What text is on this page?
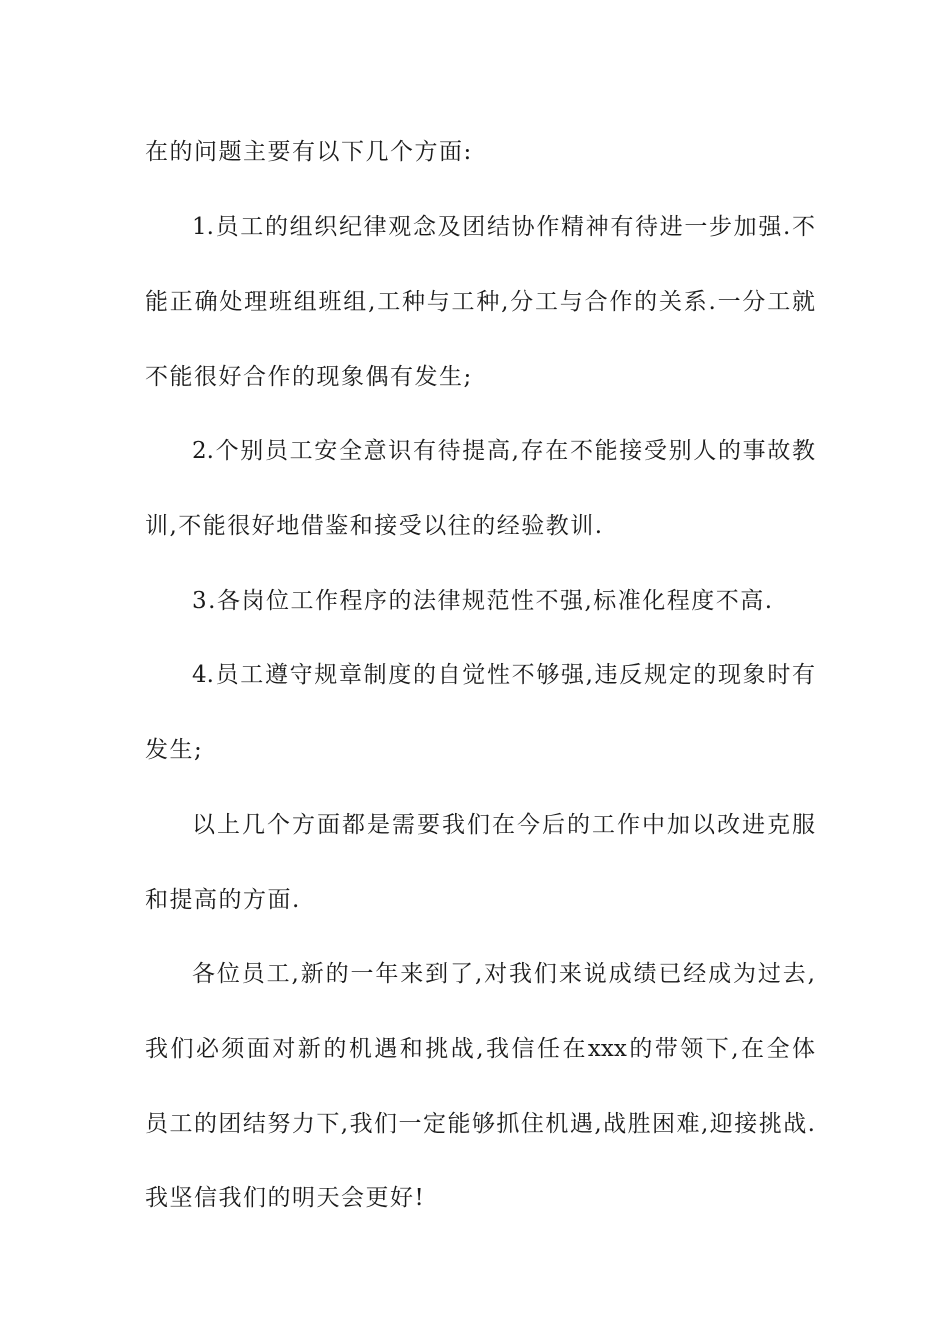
在的问题主要有以下几个方面:
1.员工的组织纪律观念及团结协作精神有待进一步加强.不
能正确处理班组班组,工种与工种,分工与合作的关系.一分工就
不能很好合作的现象偶有发生;
2.个别员工安全意识有待提高,存在不能接受别人的事故教
训,不能很好地借鉴和接受以往的经验教训.
3.各岗位工作程序的法律规范性不强,标准化程度不高.
4.员工遵守规章制度的自觉性不够强,违反规定的现象时有
发生;
以上几个方面都是需要我们在今后的工作中加以改进克服
和提高的方面.
各位员工,新的一年来到了,对我们来说成绩已经成为过去,
我们必须面对新的机遇和挑战,我信任在xxx的带领下,在全体
员工的团结努力下,我们一定能够抓住机遇,战胜困难,迎接挑战.
我坚信我们的明天会更好!
